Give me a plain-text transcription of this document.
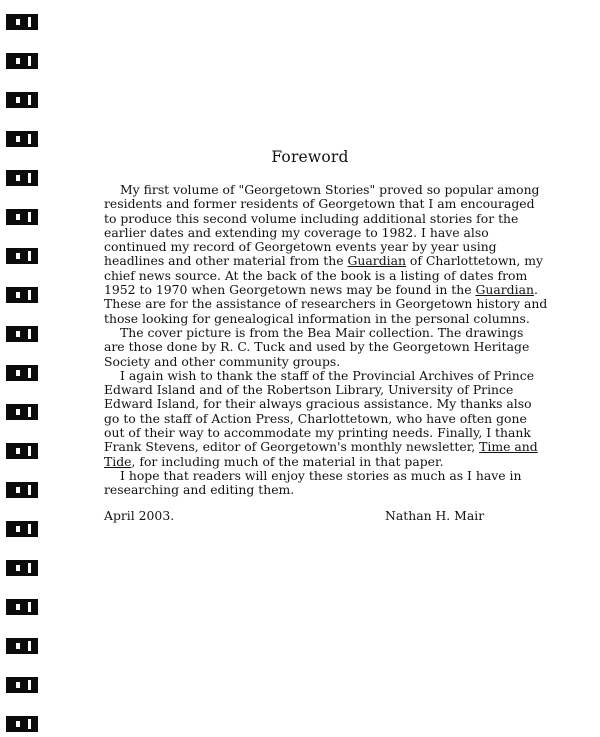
Foreword
My first volume of "Georgetown Stories" proved so popular among
residents and former residents of Georgetown that I am encouraged
to produce this second volume including additional stories for the
earlier dates and extending my coverage to 1982. I have also
continued my record of Georgetown events year by year using
headlines and other material from the Guardian of Charlottetown, my
chief news source. At the back of the book is a listing of dates from
1952 to 1970 when Georgetown news may be found in the Guardian.
These are for the assistance of researchers in Georgetown history and
those looking for genealogical information in the personal columns.
The cover picture is from the Bea Mair collection. The drawings
are those done by R. C. Tuck and used by the Georgetown Heritage
Society and other community groups.
I again wish to thank the staff of the Provincial Archives of Prince
Edward Island and of the Robertson Library, University of Prince
Edward Island, for their always gracious assistance. My thanks also
go to the staff of Action Press, Charlottetown, who have often gone
out of their way to accommodate my printing needs. Finally, I thank
Frank Stevens, editor of Georgetown's monthly newsletter, Time and
Tide, for including much of the material in that paper.
I hope that readers will enjoy these stories as much as I have in
researching and editing them.
April 2003.	Nathan H. Mair
